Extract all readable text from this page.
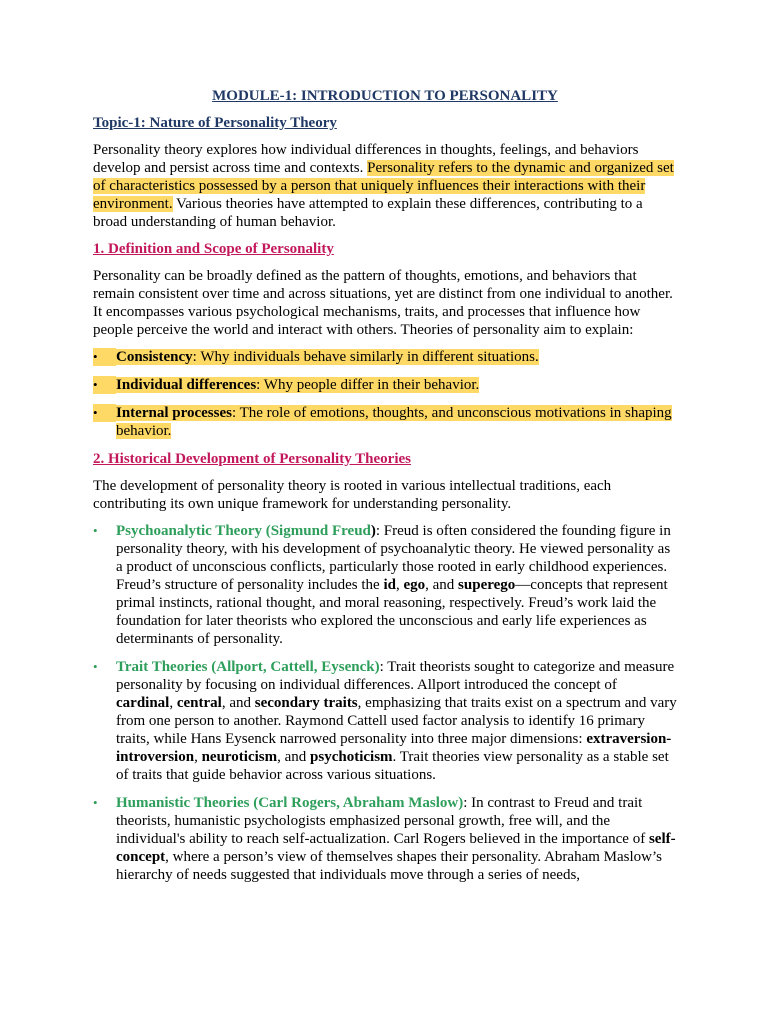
MODULE-1: INTRODUCTION TO PERSONALITY
Topic-1: Nature of Personality Theory

Personality theory explores how individual differences in thoughts, feelings, and behaviors develop and persist across time and contexts. Personality refers to the dynamic and organized set of characteristics possessed by a person that uniquely influences their interactions with their environment. Various theories have attempted to explain these differences, contributing to a broad understanding of human behavior.

1. Definition and Scope of Personality

Personality can be broadly defined as the pattern of thoughts, emotions, and behaviors that remain consistent over time and across situations, yet are distinct from one individual to another. It encompasses various psychological mechanisms, traits, and processes that influence how people perceive the world and interact with others. Theories of personality aim to explain:

•	Consistency: Why individuals behave similarly in different situations.
•	Individual differences: Why people differ in their behavior.
•	Internal processes: The role of emotions, thoughts, and unconscious motivations in shaping behavior.
2. Historical Development of Personality Theories

The development of personality theory is rooted in various intellectual traditions, each contributing its own unique framework for understanding personality.

•	Psychoanalytic Theory (Sigmund Freud): Freud is often considered the founding figure in personality theory, with his development of psychoanalytic theory. He viewed personality as a product of unconscious conflicts, particularly those rooted in early childhood experiences. Freud’s structure of personality includes the id, ego, and superego—concepts that represent primal instincts, rational thought, and moral reasoning, respectively. Freud’s work laid the foundation for later theorists who explored the unconscious and early life experiences as determinants of personality.
•	Trait Theories (Allport, Cattell, Eysenck): Trait theorists sought to categorize and measure personality by focusing on individual differences. Allport introduced the concept of cardinal, central, and secondary traits, emphasizing that traits exist on a spectrum and vary from one person to another. Raymond Cattell used factor analysis to identify 16 primary traits, while Hans Eysenck narrowed personality into three major dimensions: extraversion-introversion, neuroticism, and psychoticism. Trait theories view personality as a stable set of traits that guide behavior across various situations.
•	Humanistic Theories (Carl Rogers, Abraham Maslow): In contrast to Freud and trait theorists, humanistic psychologists emphasized personal growth, free will, and the individual's ability to reach self-actualization. Carl Rogers believed in the importance of self-concept, where a person’s view of themselves shapes their personality. Abraham Maslow’s hierarchy of needs suggested that individuals move through a series of needs,
